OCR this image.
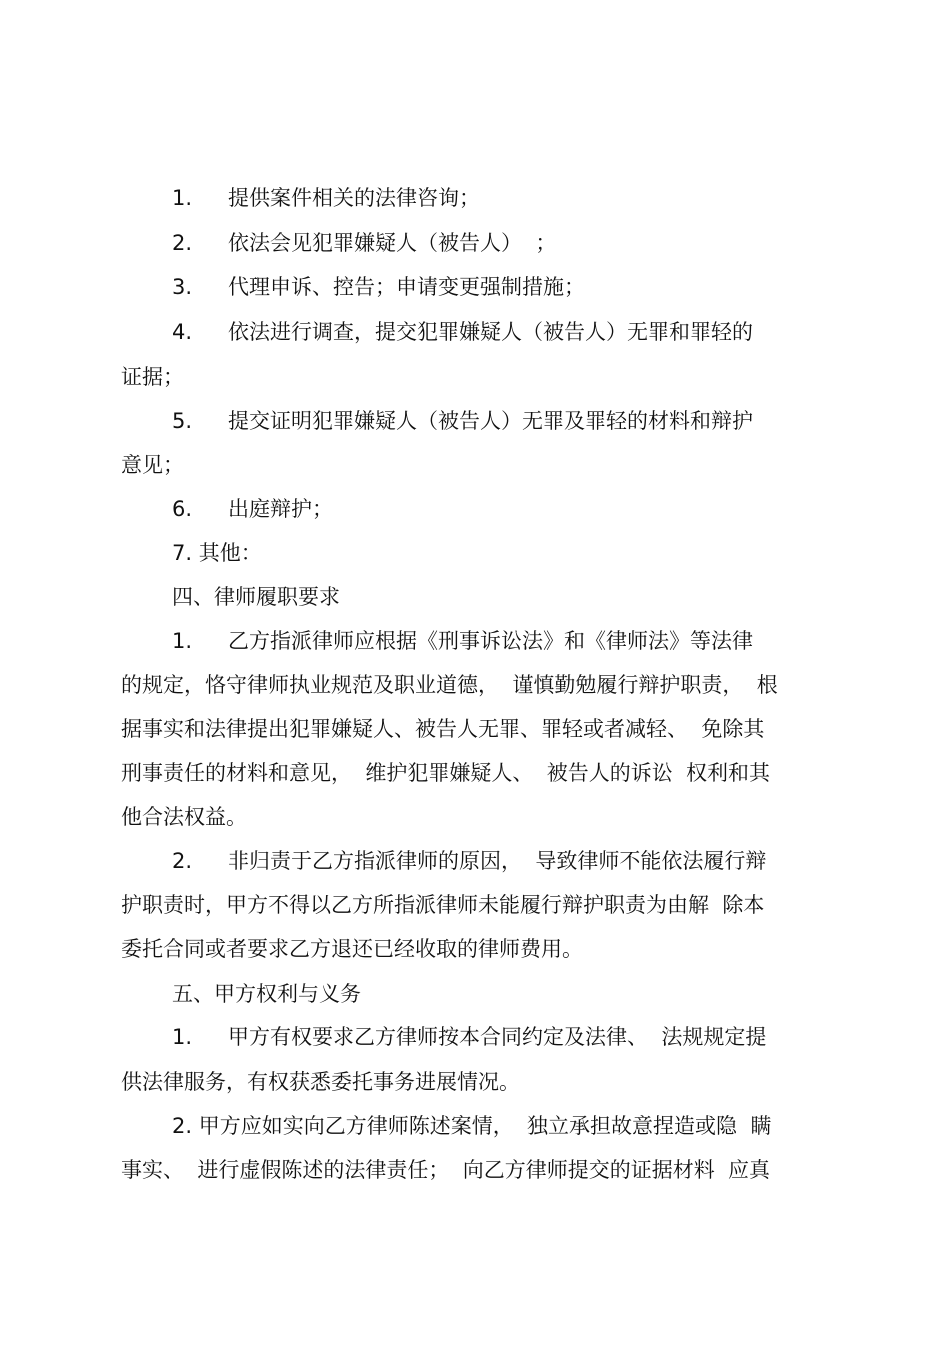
1.

提供案件相关的法律咨询；

2.

依法会见犯罪嫌疑人（被告人）  ；

3.

代理申诉、控告；申请变更强制措施；

4.

依法进行调查，提交犯罪嫌疑人（被告人）无罪和罪轻的

证据；

5.

提交证明犯罪嫌疑人（被告人）无罪及罪轻的材料和辩护

意见；

6.

出庭辩护；

7. 其他：

四、律师履职要求

1.

乙方指派律师应根据《刑事诉讼法》和《律师法》等法律

的规定，恪守律师执业规范及职业道德，  谨慎勤勉履行辩护职责，  根

据事实和法律提出犯罪嫌疑人、被告人无罪、罪轻或者减轻、  免除其

刑事责任的材料和意见，  维护犯罪嫌疑人、  被告人的诉讼  权利和其

他合法权益。

2.

非归责于乙方指派律师的原因，  导致律师不能依法履行辩

护职责时，甲方不得以乙方所指派律师未能履行辩护职责为由解  除本

委托合同或者要求乙方退还已经收取的律师费用。

五、甲方权利与义务

1.

甲方有权要求乙方律师按本合同约定及法律、  法规规定提

供法律服务，有权获悉委托事务进展情况。

2. 甲方应如实向乙方律师陈述案情，  独立承担故意捏造或隐  瞒

事实、  进行虚假陈述的法律责任；  向乙方律师提交的证据材料  应真
